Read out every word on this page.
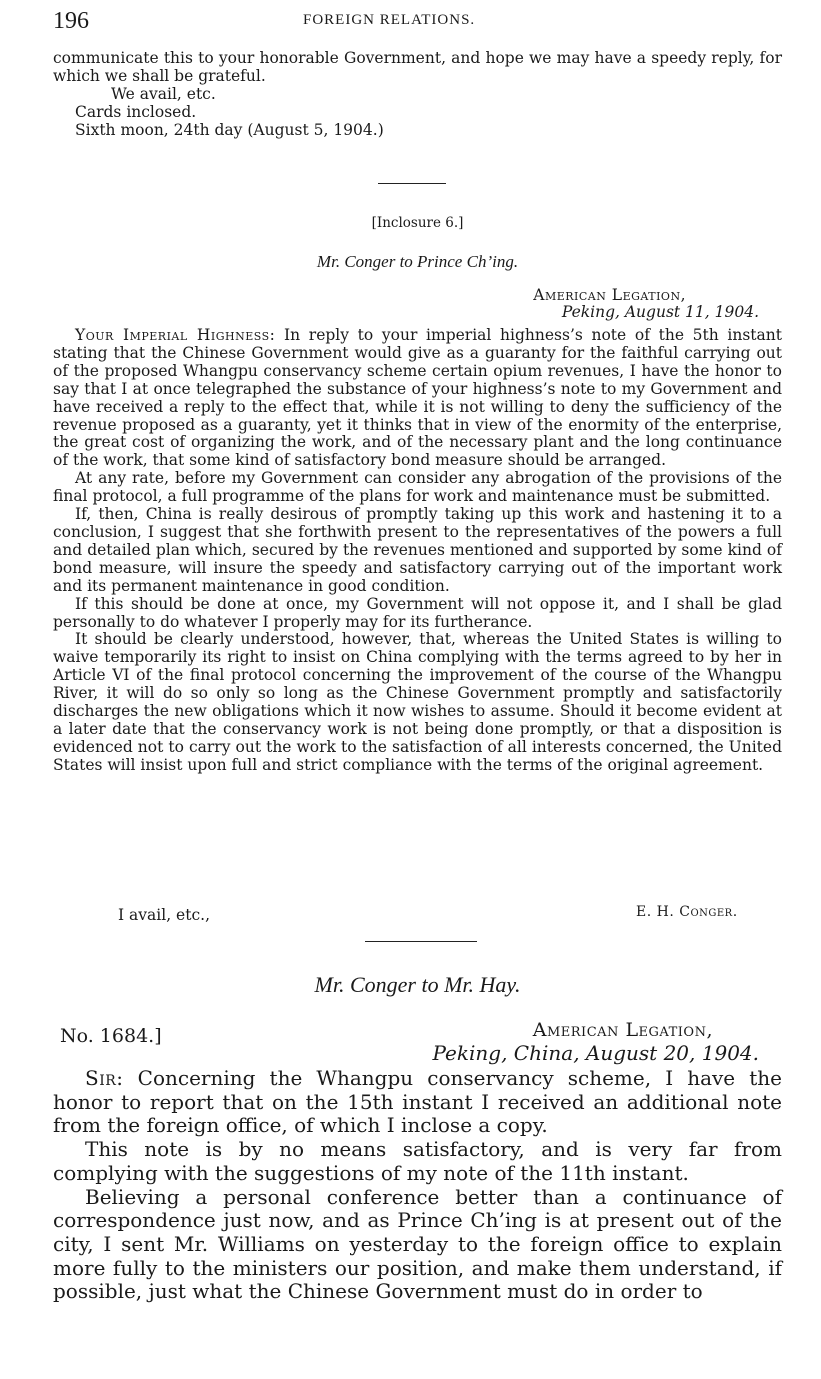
196	FOREIGN RELATIONS.

communicate this to your honorable Government, and hope we may have a speedy reply, for which we shall be grateful.

We avail, etc.
Cards inclosed.
Sixth moon, 24th day (August 5, 1904.)
[Inclosure 6.]
Mr. Conger to Prince Ch’ing.
American Legation,
Peking, August 11, 1904.

Your Imperial Highness: In reply to your imperial highness’s note of the 5th instant stating that the Chinese Government would give as a guaranty for the faithful carrying out of the proposed Whangpu conservancy scheme certain opium revenues, I have the honor to say that I at once telegraphed the substance of your highness’s note to my Government and have received a reply to the effect that, while it is not willing to deny the sufficiency of the revenue proposed as a guaranty, yet it thinks that in view of the enormity of the enterprise, the great cost of organizing the work, and of the necessary plant and the long continuance of the work, that some kind of satisfactory bond measure should be arranged.

At any rate, before my Government can consider any abrogation of the provisions of the final protocol, a full programme of the plans for work and maintenance must be submitted.

If, then, China is really desirous of promptly taking up this work and hastening it to a conclusion, I suggest that she forthwith present to the representatives of the powers a full and detailed plan which, secured by the revenues mentioned and supported by some kind of bond measure, will insure the speedy and satisfactory carrying out of the important work and its permanent maintenance in good condition.

If this should be done at once, my Government will not oppose it, and I shall be glad personally to do whatever I properly may for its furtherance.

It should be clearly understood, however, that, whereas the United States is willing to waive temporarily its right to insist on China complying with the terms agreed to by her in Article VI of the final protocol concerning the improvement of the course of the Whangpu River, it will do so only so long as the Chinese Government promptly and satisfactorily discharges the new obligations which it now wishes to assume. Should it become evident at a later date that the conservancy work is not being done promptly, or that a disposition is evidenced not to carry out the work to the satisfaction of all interests concerned, the United States will insist upon full and strict compliance with the terms of the original agreement.

I avail, etc.,	E. H. Conger.
Mr. Conger to Mr. Hay.
No. 1684.]	American Legation,
Peking, China, August 20, 1904.

Sir: Concerning the Whangpu conservancy scheme, I have the honor to report that on the 15th instant I received an additional note from the foreign office, of which I inclose a copy.

This note is by no means satisfactory, and is very far from complying with the suggestions of my note of the 11th instant.

Believing a personal conference better than a continuance of correspondence just now, and as Prince Ch’ing is at present out of the city, I sent Mr. Williams on yesterday to the foreign office to explain more fully to the ministers our position, and make them understand, if possible, just what the Chinese Government must do in order to
